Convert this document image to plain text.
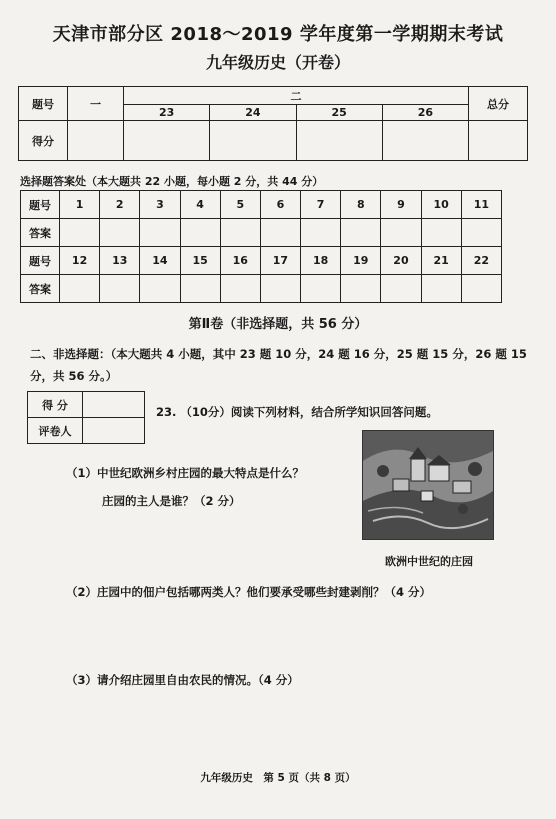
天津市部分区 2018～2019 学年度第一学期期末考试
九年级历史（开卷）
题号	一	二				总分
		23	24	25	26	
得分						
选择题答案处（本大题共 22 小题，每小题 2 分，共 44 分）
题号	1	2	3	4	5	6	7	8	9	10	11
答案											
题号	12	13	14	15	16	17	18	19	20	21	22
答案											
第Ⅱ卷（非选择题，共 56 分）
二、非选择题：（本大题共 4 小题，其中 23 题 10 分，24 题 16 分，25 题 15 分，26 题 15 分，共 56 分。）
得 分	
评卷人	
23. （10分）阅读下列材料，结合所学知识回答问题。
（1）中世纪欧洲乡村庄园的最大特点是什么？
庄园的主人是谁？（2 分）
欧洲中世纪的庄园
（2）庄园中的佃户包括哪两类人？他们要承受哪些封建剥削？（4 分）
（3）请介绍庄园里自由农民的情况。（4 分）
九年级历史　第 5 页（共 8 页）
